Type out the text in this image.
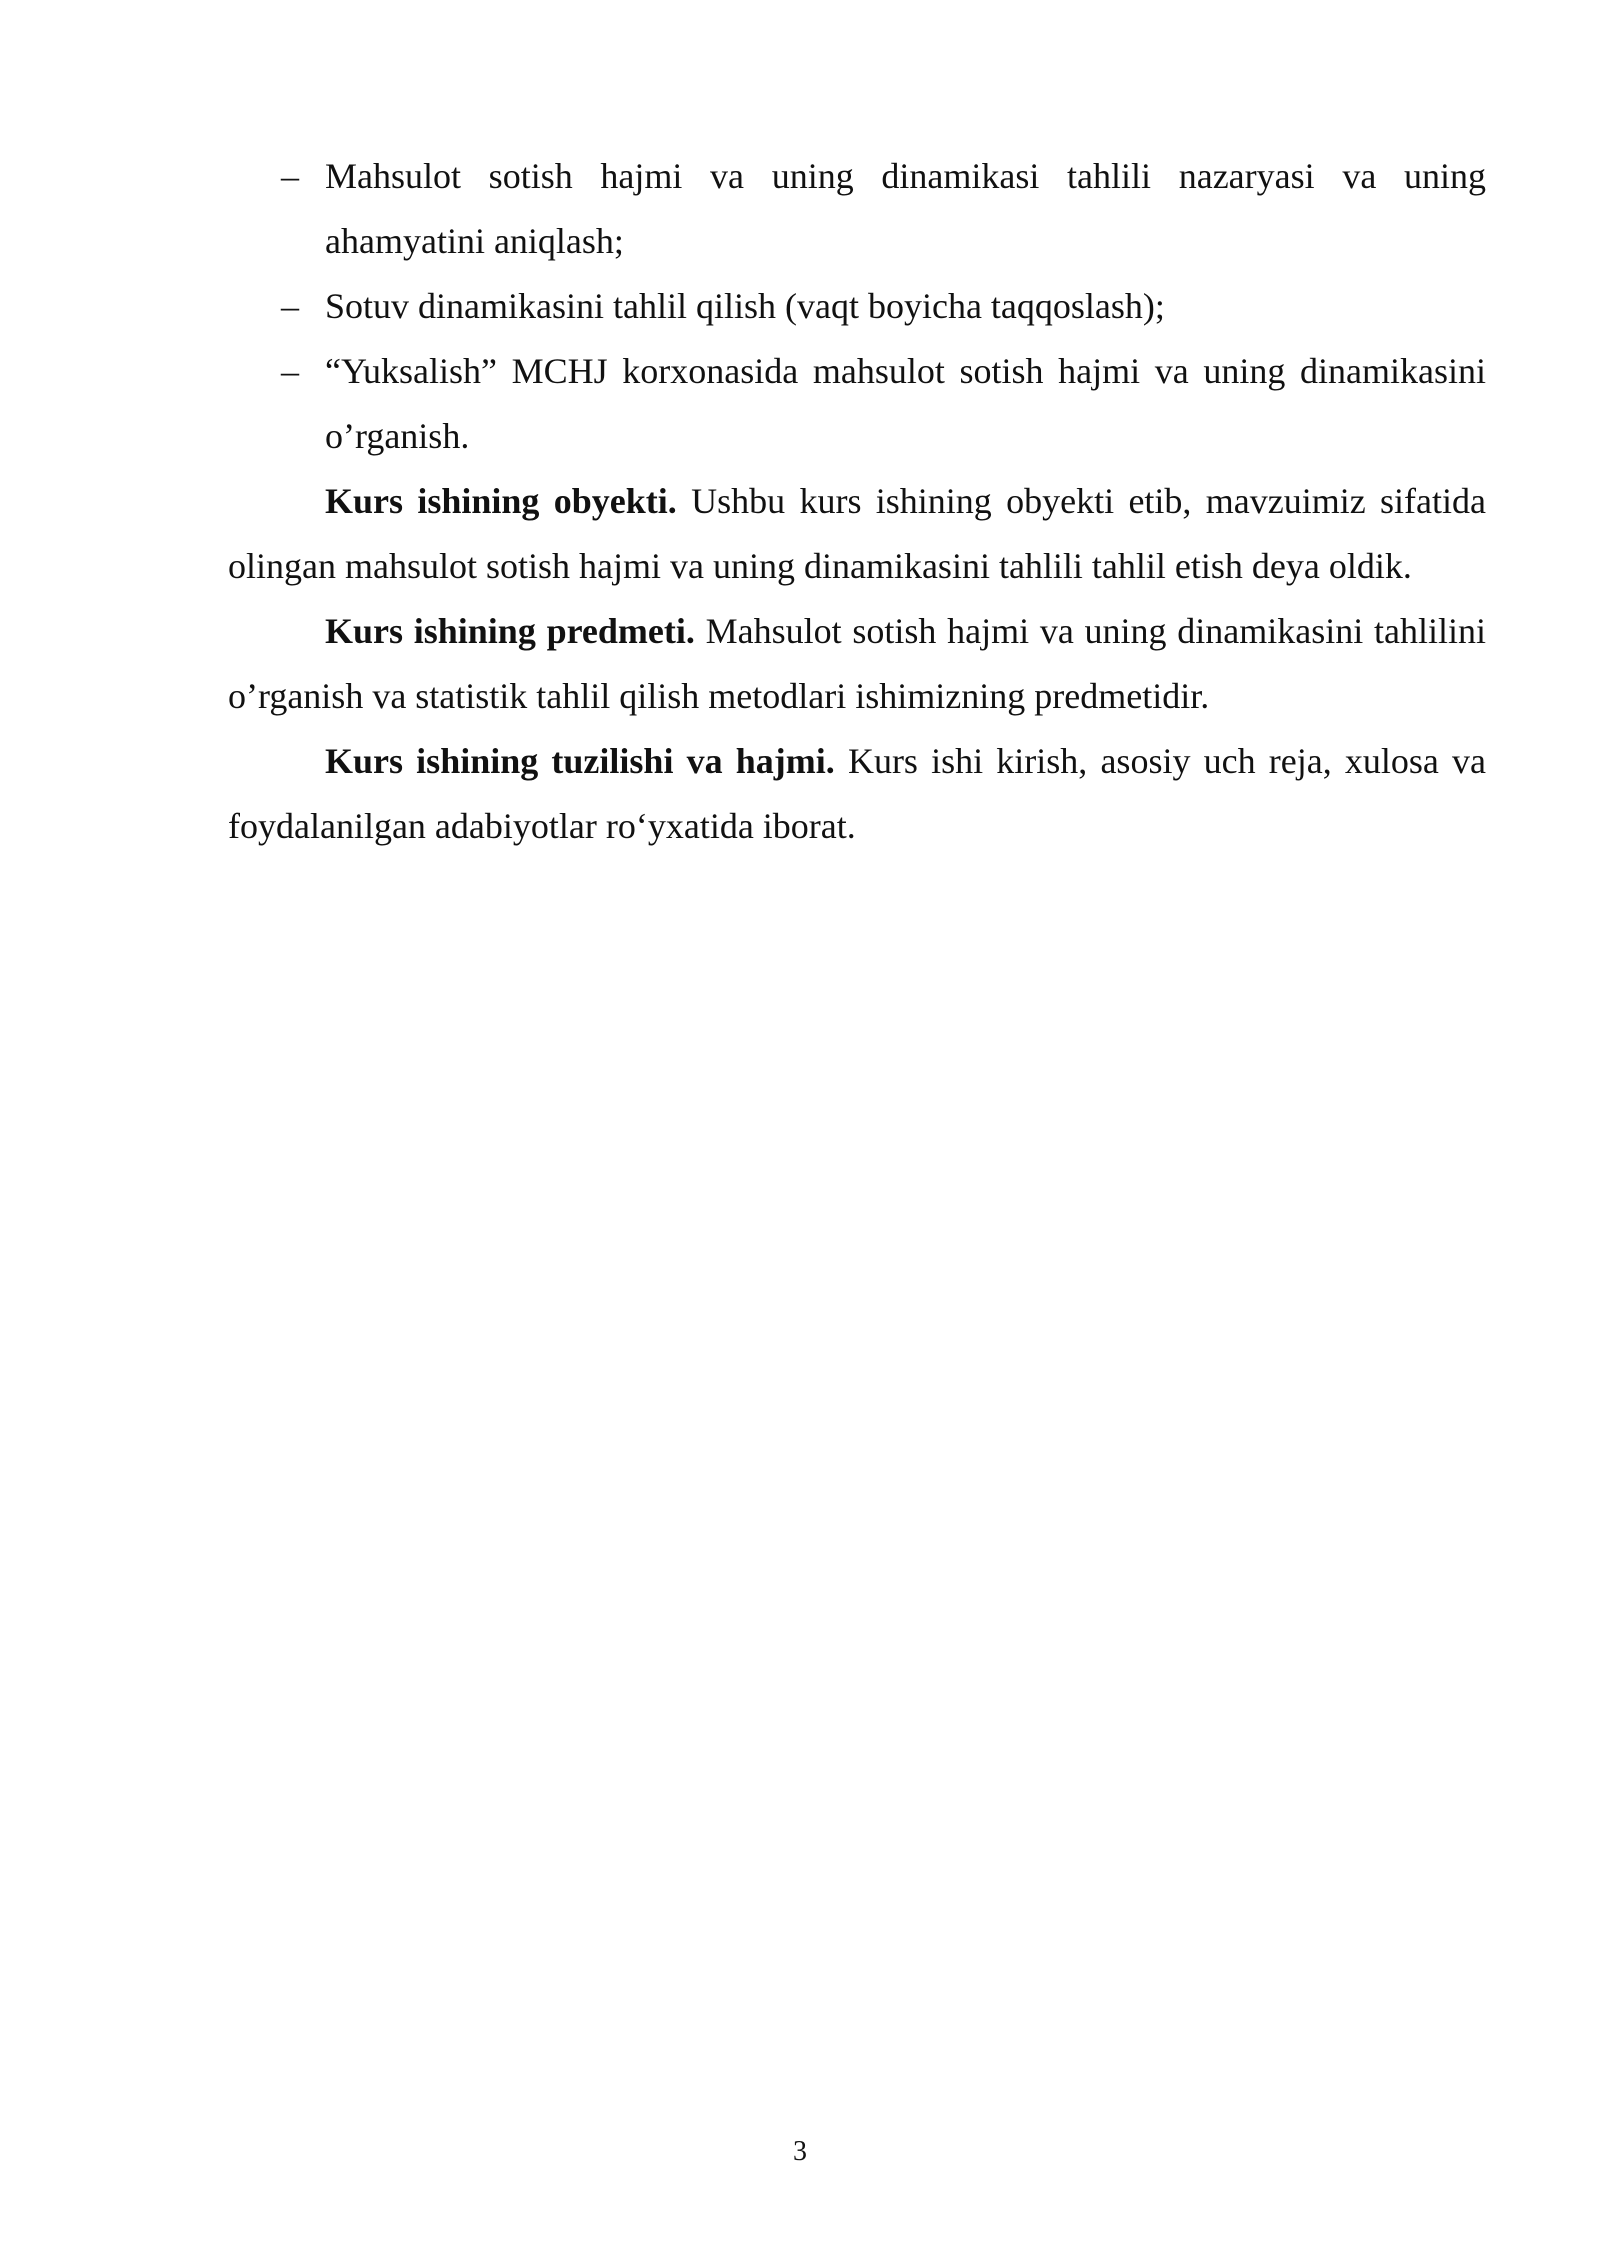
– Mahsulot sotish hajmi va uning dinamikasi tahlili nazaryasi va uning ahamyatini aniqlash;
– Sotuv dinamikasini tahlil qilish (vaqt boyicha taqqoslash);
– “Yuksalish” MCHJ korxonasida mahsulot sotish hajmi va uning dinamikasini o’rganish.

Kurs ishining obyekti. Ushbu kurs ishining obyekti etib, mavzuimiz sifatida olingan mahsulot sotish hajmi va uning dinamikasini tahlili tahlil etish deya oldik.

Kurs ishining predmeti. Mahsulot sotish hajmi va uning dinamikasini tahlilini o’rganish va statistik tahlil qilish metodlari ishimizning predmetidir.

Kurs ishining tuzilishi va hajmi. Kurs ishi kirish, asosiy uch reja, xulosa va foydalanilgan adabiyotlar ro‘yxatida iborat.

3
